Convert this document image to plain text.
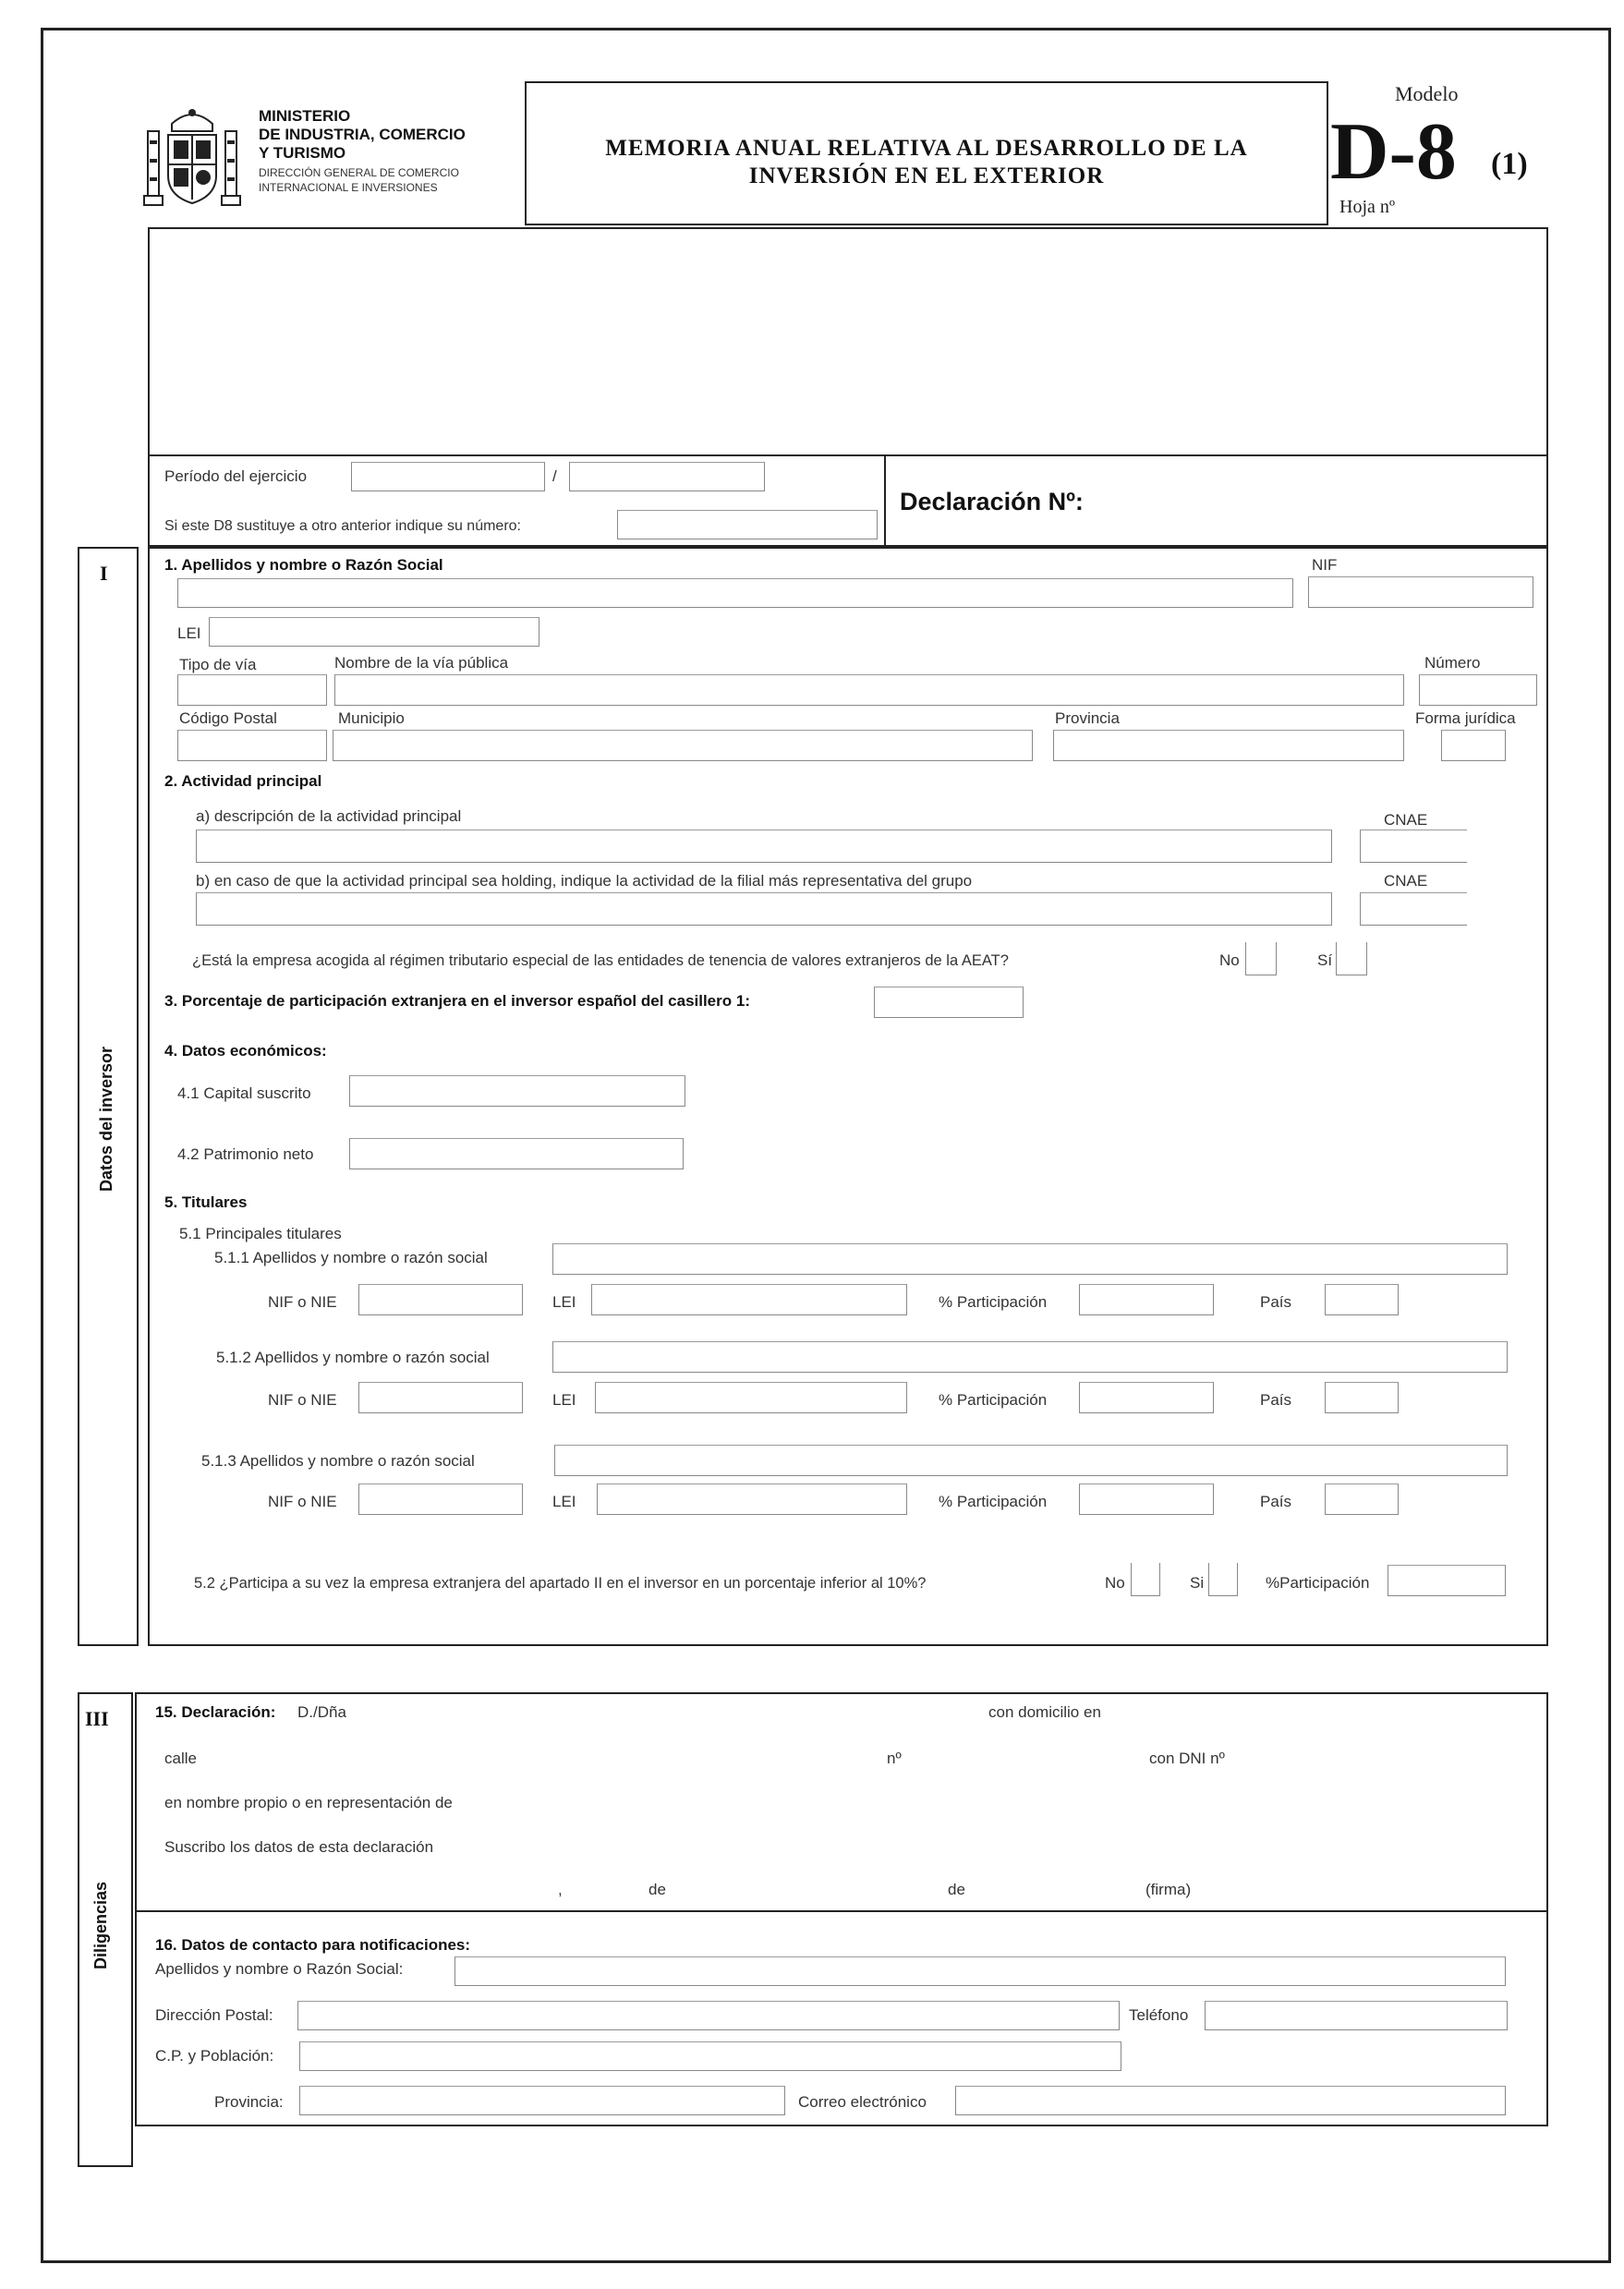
MINISTERIO
DE INDUSTRIA, COMERCIO
Y TURISMO
DIRECCIÓN GENERAL DE COMERCIO
INTERNACIONAL E INVERSIONES
MEMORIA ANUAL RELATIVA AL DESARROLLO DE LA
INVERSIÓN EN EL EXTERIOR
Modelo
D-8 (1)
Hoja nº
Período del ejercicio	/
Si este D8 sustituye a otro anterior indique su número:
Declaración Nº:
I
Datos del inversor
1. Apellidos y nombre o Razón Social	NIF
LEI
Tipo de vía	Nombre de la vía pública	Número
Código Postal	Municipio	Provincia	Forma jurídica
2. Actividad principal
a) descripción de la actividad principal	CNAE
b) en caso de que la actividad principal sea holding, indique la actividad de la filial más representativa del grupo	CNAE
¿Está la empresa acogida al régimen tributario especial de las entidades de tenencia de valores extranjeros de la AEAT?	No	Sí
3. Porcentaje de participación extranjera en el inversor español del casillero 1:
4. Datos económicos:
4.1 Capital suscrito
4.2 Patrimonio neto
5. Titulares
5.1 Principales titulares
5.1.1 Apellidos y nombre o razón social
NIF o NIE	LEI	% Participación	País
5.1.2 Apellidos y nombre o razón social
NIF o NIE	LEI	% Participación	País
5.1.3 Apellidos y nombre o razón social
NIF o NIE	LEI	% Participación	País
5.2 ¿Participa a su vez la empresa extranjera del apartado II en el inversor en un porcentaje inferior al 10%?	No	Si	%Participación
III
Diligencias
15. Declaración: D./Dña	con domicilio en
calle	nº	con DNI nº
en nombre propio o en representación de
Suscribo los datos de esta declaración
,	de	de	(firma)
16. Datos de contacto para notificaciones:
Apellidos y nombre o Razón Social:
Dirección Postal:	Teléfono
C.P. y Población:
Provincia:	Correo electrónico
